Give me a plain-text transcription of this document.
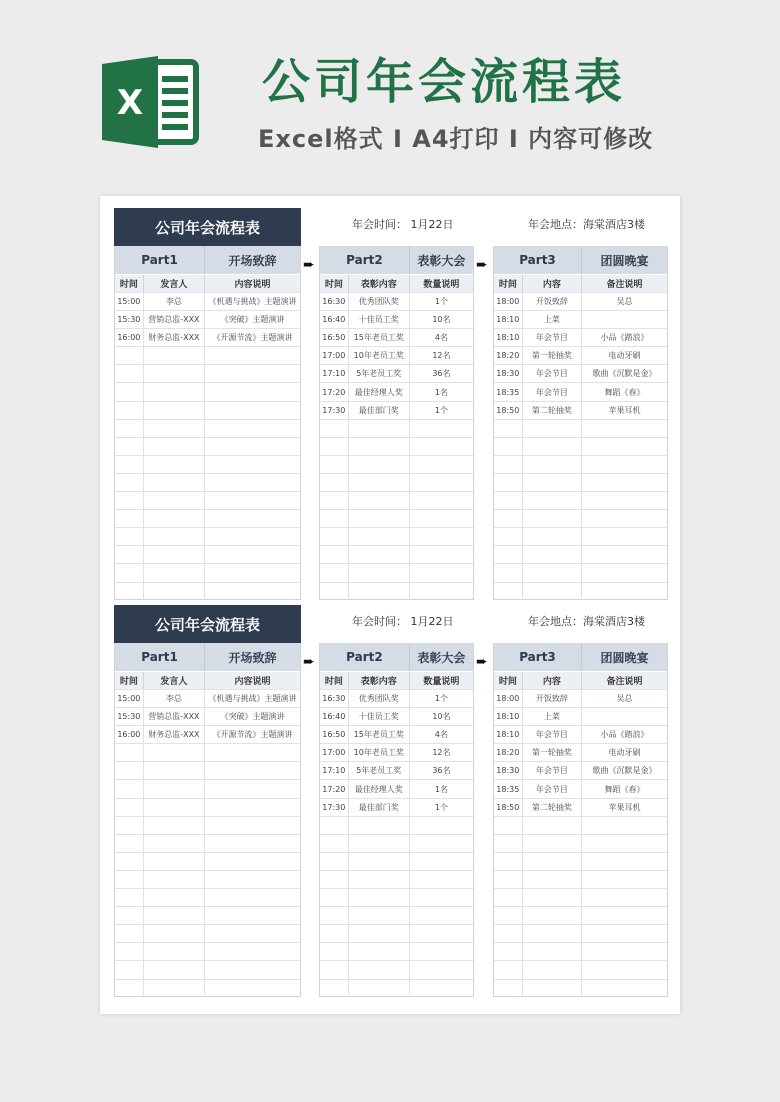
X 公司年会流程表
Excel格式 I A4打印 I 内容可修改
公司年会流程表	年会时间： 1月22日	年会地点：海棠酒店3楼
➨	➨
Part1	开场致辞
时间	发言人	内容说明
15:00	李总	《机遇与挑战》主题演讲
15:30 营销总监-XXX	《突破》主题演讲
16:00 财务总监-XXX	《开源节流》主题演讲
Part2	表彰大会
时间	表彰内容	数量说明
16:30	优秀团队奖	1个
16:40	十佳员工奖	10名
16:50	15年老员工奖	4名
17:00	10年老员工奖	12名
17:10	5年老员工奖	36名
17:20	最佳经理人奖	1名
17:30	最佳部门奖	1个
Part3	团圆晚宴
时间	内容	备注说明
18:00	开饭致辞	吴总
18:10	上菜
18:10	年会节目	小品《踏浪》
18:20	第一轮抽奖	电动牙刷
18:30	年会节目	歌曲《沉默是金》
18:35	年会节目	舞蹈《春》
18:50	第二轮抽奖	苹果耳机
公司年会流程表	年会时间： 1月22日	年会地点：海棠酒店3楼
➨	➨
Part1	开场致辞
时间	发言人	内容说明
15:00	李总	《机遇与挑战》主题演讲
15:30 营销总监-XXX	《突破》主题演讲
16:00 财务总监-XXX	《开源节流》主题演讲
Part2	表彰大会
时间	表彰内容	数量说明
16:30	优秀团队奖	1个
16:40	十佳员工奖	10名
16:50	15年老员工奖	4名
17:00	10年老员工奖	12名
17:10	5年老员工奖	36名
17:20	最佳经理人奖	1名
17:30	最佳部门奖	1个
Part3	团圆晚宴
时间	内容	备注说明
18:00	开饭致辞	吴总
18:10	上菜
18:10	年会节目	小品《踏浪》
18:20	第一轮抽奖	电动牙刷
18:30	年会节目	歌曲《沉默是金》
18:35	年会节目	舞蹈《春》
18:50	第二轮抽奖	苹果耳机
